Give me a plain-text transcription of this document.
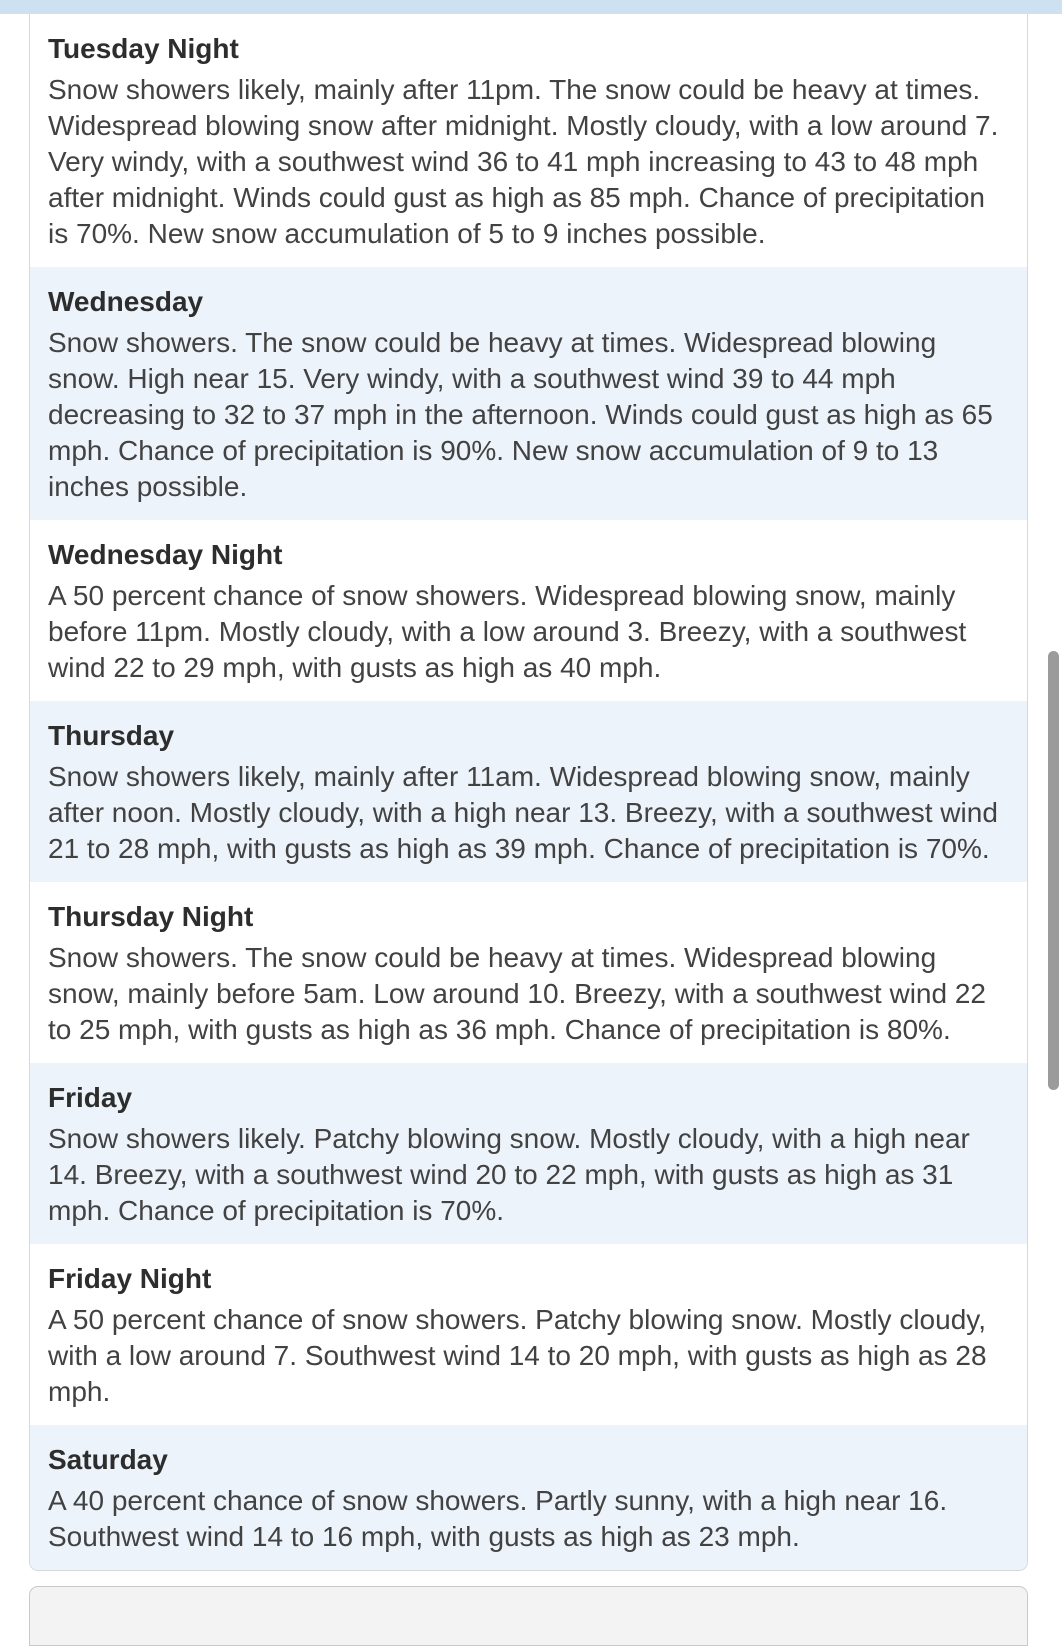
Tuesday Night

Snow showers likely, mainly after 11pm. The snow could be heavy at times. Widespread blowing snow after midnight. Mostly cloudy, with a low around 7. Very windy, with a southwest wind 36 to 41 mph increasing to 43 to 48 mph after midnight. Winds could gust as high as 85 mph. Chance of precipitation is 70%. New snow accumulation of 5 to 9 inches possible.

Wednesday

Snow showers. The snow could be heavy at times. Widespread blowing snow. High near 15. Very windy, with a southwest wind 39 to 44 mph decreasing to 32 to 37 mph in the afternoon. Winds could gust as high as 65 mph. Chance of precipitation is 90%. New snow accumulation of 9 to 13 inches possible.

Wednesday Night

A 50 percent chance of snow showers. Widespread blowing snow, mainly before 11pm. Mostly cloudy, with a low around 3. Breezy, with a southwest wind 22 to 29 mph, with gusts as high as 40 mph.

Thursday

Snow showers likely, mainly after 11am. Widespread blowing snow, mainly after noon. Mostly cloudy, with a high near 13. Breezy, with a southwest wind 21 to 28 mph, with gusts as high as 39 mph. Chance of precipitation is 70%.

Thursday Night

Snow showers. The snow could be heavy at times. Widespread blowing snow, mainly before 5am. Low around 10. Breezy, with a southwest wind 22 to 25 mph, with gusts as high as 36 mph. Chance of precipitation is 80%.

Friday

Snow showers likely. Patchy blowing snow. Mostly cloudy, with a high near 14. Breezy, with a southwest wind 20 to 22 mph, with gusts as high as 31 mph. Chance of precipitation is 70%.

Friday Night

A 50 percent chance of snow showers. Patchy blowing snow. Mostly cloudy, with a low around 7. Southwest wind 14 to 20 mph, with gusts as high as 28 mph.

Saturday

A 40 percent chance of snow showers. Partly sunny, with a high near 16. Southwest wind 14 to 16 mph, with gusts as high as 23 mph.
